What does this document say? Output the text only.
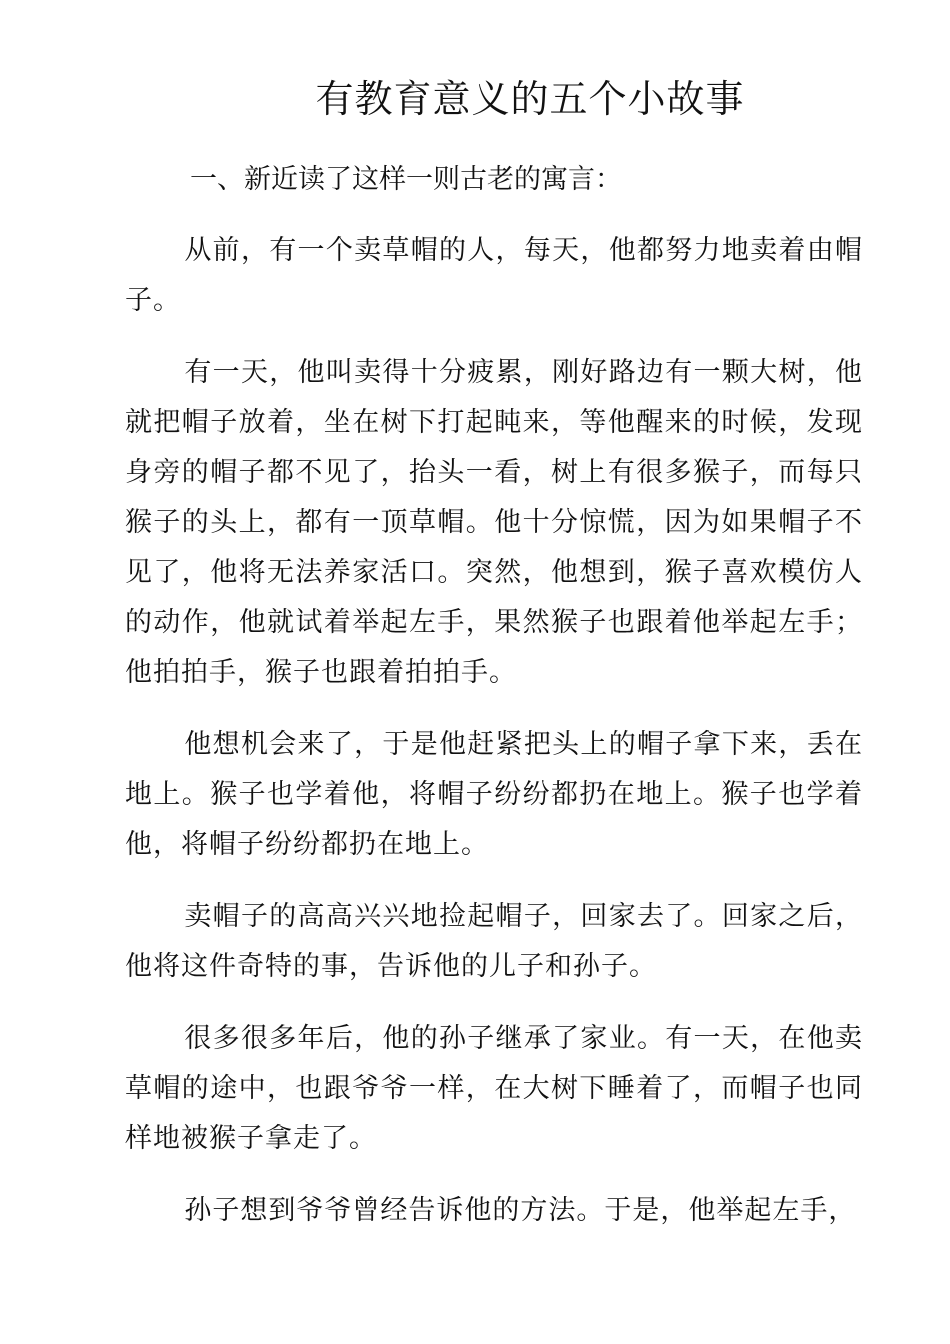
有教育意义的五个小故事

一、新近读了这样一则古老的寓言：

从前，有一个卖草帽的人，每天，他都努力地卖着由帽子。

有一天，他叫卖得十分疲累，刚好路边有一颗大树，他就把帽子放着，坐在树下打起盹来，等他醒来的时候，发现身旁的帽子都不见了，抬头一看，树上有很多猴子，而每只猴子的头上，都有一顶草帽。他十分惊慌，因为如果帽子不见了，他将无法养家活口。突然，他想到，猴子喜欢模仿人的动作，他就试着举起左手，果然猴子也跟着他举起左手；他拍拍手，猴子也跟着拍拍手。

他想机会来了，于是他赶紧把头上的帽子拿下来，丢在地上。猴子也学着他，将帽子纷纷都扔在地上。猴子也学着他，将帽子纷纷都扔在地上。

卖帽子的高高兴兴地捡起帽子，回家去了。回家之后，他将这件奇特的事，告诉他的儿子和孙子。

很多很多年后，他的孙子继承了家业。有一天，在他卖草帽的途中，也跟爷爷一样，在大树下睡着了，而帽子也同样地被猴子拿走了。

孙子想到爷爷曾经告诉他的方法。于是，他举起左手，
